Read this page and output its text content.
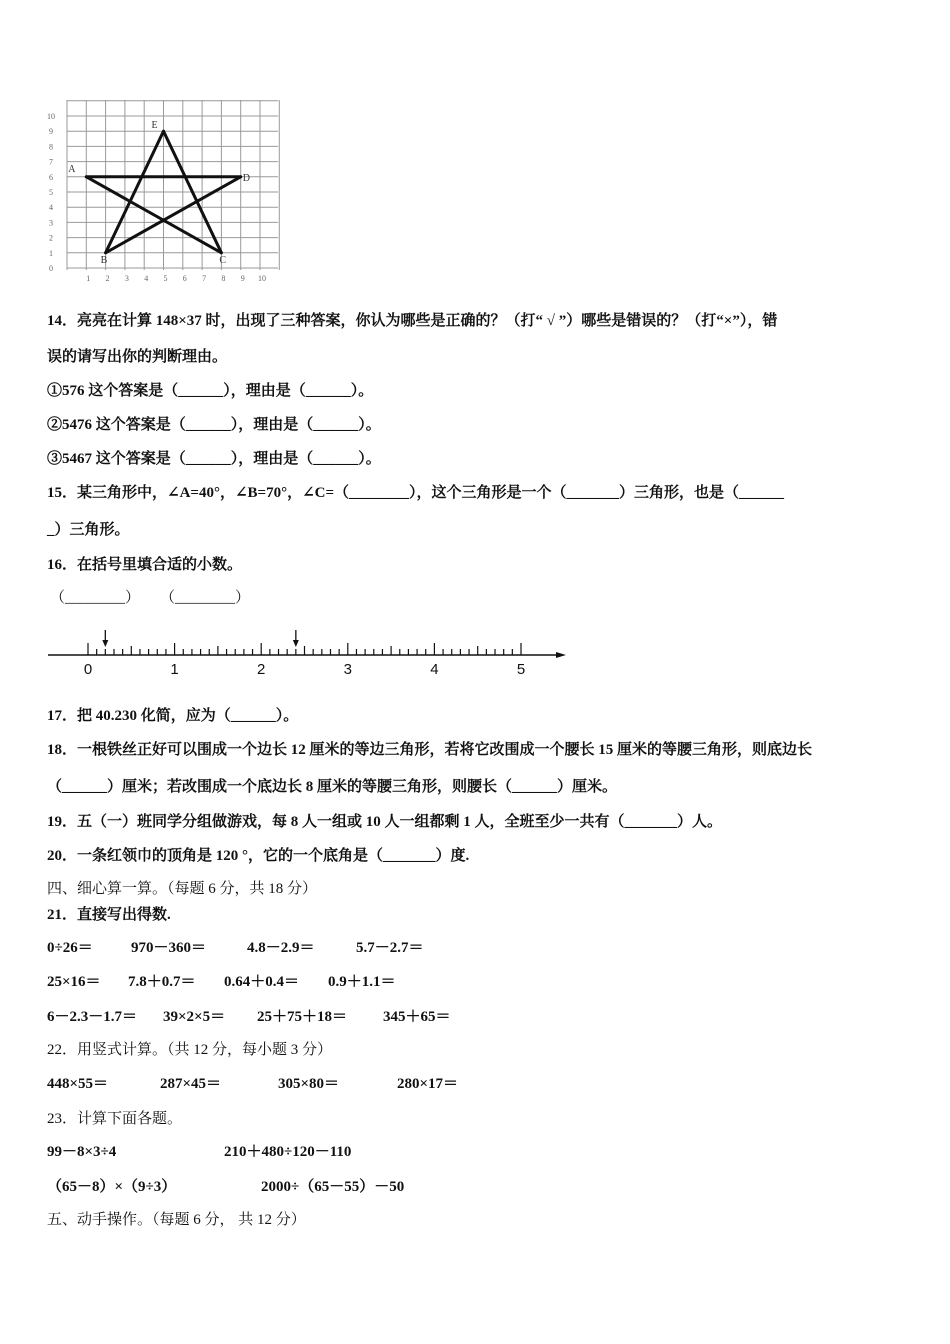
1 2 3 4 5 6 7 8 9 10
0
1
2
3
4
5
6
7
8
9
10
A
B	C
D
E
14．亮亮在计算 148×37 时，出现了三种答案，你认为哪些是正确的？（打“ √ ”）哪些是错误的？（打“×”），错
误的请写出你的判断理由。
①576 这个答案是（______），理由是（______）。
②5476 这个答案是（______），理由是（______）。
③5467 这个答案是（______），理由是（______）。
15．某三角形中，∠A=40°，∠B=70°，∠C=（________），这个三角形是一个（_______）三角形，也是（______
_）三角形。
16．在括号里填合适的小数。
（________） （________）
0	1	2	3	4	5
17．把 40.230 化简，应为（______）。
18．一根铁丝正好可以围成一个边长 12 厘米的等边三角形，若将它改围成一个腰长 15 厘米的等腰三角形，则底边长
（______）厘米；若改围成一个底边长 8 厘米的等腰三角形，则腰长（______）厘米。
19．五（一）班同学分组做游戏，每 8 人一组或 10 人一组都剩 1 人，全班至少一共有（_______）人。
20．一条红领巾的顶角是 120 °，它的一个底角是（_______）度.
四、细心算一算。（每题 6 分，共 18 分）
21．直接写出得数.
0÷26＝	970－360＝	4.8－2.9＝	5.7－2.7＝
25×16＝ 7.8＋0.7＝ 0.64＋0.4＝ 0.9＋1.1＝
6－2.3－1.7＝ 39×2×5＝ 25＋75＋18＝ 345＋65＝
22．用竖式计算。（共 12 分，每小题 3 分）
448×55＝	287×45＝	305×80＝	280×17＝
23．计算下面各题。
99－8×3÷4	210＋480÷120－110
（65－8）×（9÷3）	2000÷（65－55）－50
五、动手操作。（每题 6 分， 共 12 分）
